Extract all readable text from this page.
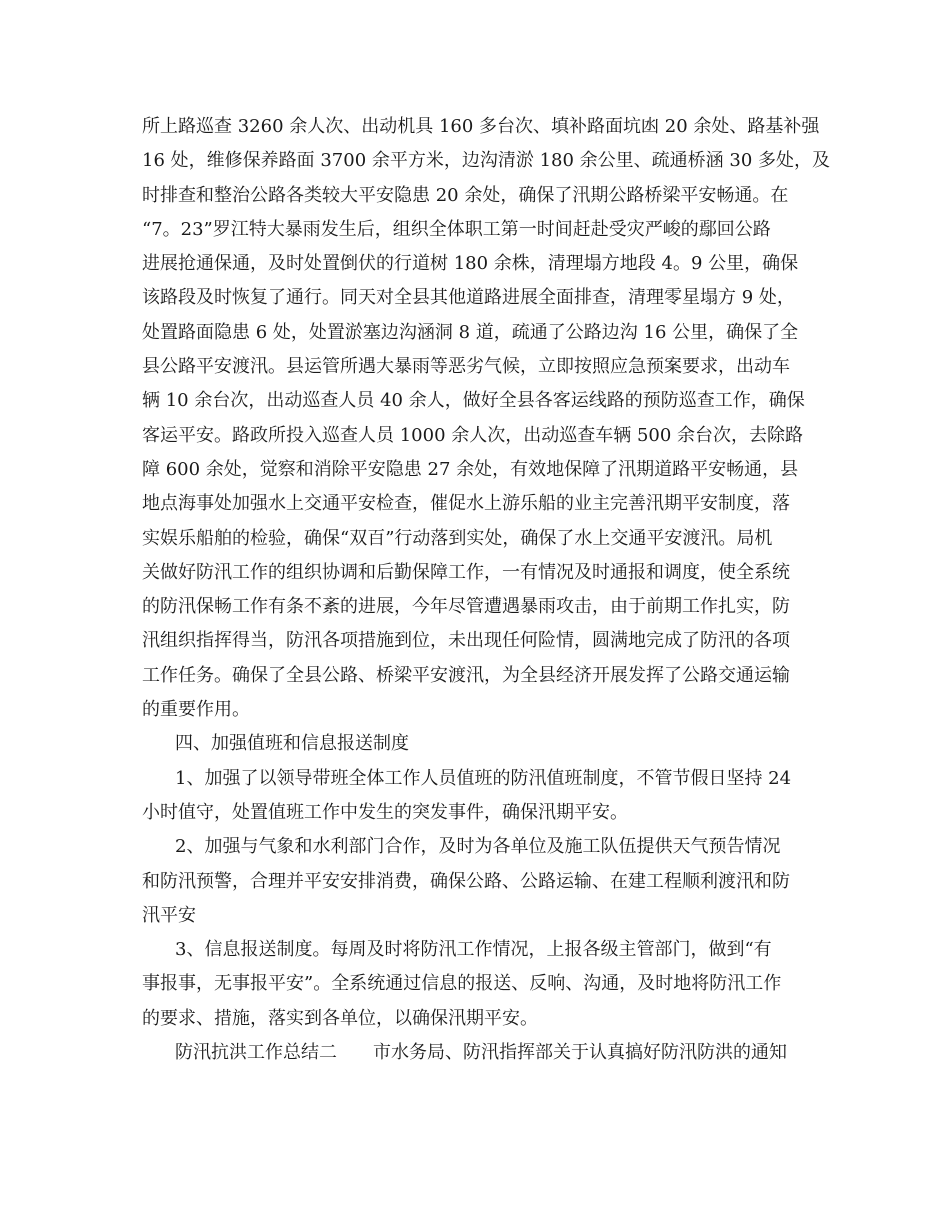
所上路巡查 3260 余人次、出动机具 160 多台次、填补路面坑凼 20 余处、路基补强
16 处，维修保养路面 3700 余平方米，边沟清淤 180 余公里、疏通桥涵 30 多处，及
时排查和整治公路各类较大平安隐患 20 余处，确保了汛期公路桥梁平安畅通。在
“7。23”罗江特大暴雨发生后，组织全体职工第一时间赶赴受灾严峻的鄢回公路
进展抢通保通，及时处置倒伏的行道树 180 余株，清理塌方地段 4。9 公里，确保
该路段及时恢复了通行。同天对全县其他道路进展全面排查，清理零星塌方 9 处，
处置路面隐患 6 处，处置淤塞边沟涵洞 8 道，疏通了公路边沟 16 公里，确保了全
县公路平安渡汛。县运管所遇大暴雨等恶劣气候，立即按照应急预案要求，出动车
辆 10 余台次，出动巡查人员 40 余人，做好全县各客运线路的预防巡查工作，确保
客运平安。路政所投入巡查人员 1000 余人次，出动巡查车辆 500 余台次，去除路
障 600 余处，觉察和消除平安隐患 27 余处，有效地保障了汛期道路平安畅通，县
地点海事处加强水上交通平安检查，催促水上游乐船的业主完善汛期平安制度，落
实娱乐船舶的检验，确保“双百”行动落到实处，确保了水上交通平安渡汛。局机
关做好防汛工作的组织协调和后勤保障工作，一有情况及时通报和调度，使全系统
的防汛保畅工作有条不紊的进展，今年尽管遭遇暴雨攻击，由于前期工作扎实，防
汛组织指挥得当，防汛各项措施到位，未出现任何险情，圆满地完成了防汛的各项
工作任务。确保了全县公路、桥梁平安渡汛，为全县经济开展发挥了公路交通运输
的重要作用。
四、加强值班和信息报送制度
1、加强了以领导带班全体工作人员值班的防汛值班制度，不管节假日坚持 24
小时值守，处置值班工作中发生的突发事件，确保汛期平安。
2、加强与气象和水利部门合作，及时为各单位及施工队伍提供天气预告情况
和防汛预警，合理并平安安排消费，确保公路、公路运输、在建工程顺利渡汛和防
汛平安
3、信息报送制度。每周及时将防汛工作情况，上报各级主管部门，做到“有
事报事，无事报平安”。全系统通过信息的报送、反响、沟通，及时地将防汛工作
的要求、措施，落实到各单位，以确保汛期平安。
防汛抗洪工作总结二　　市水务局、防汛指挥部关于认真搞好防汛防洪的通知
